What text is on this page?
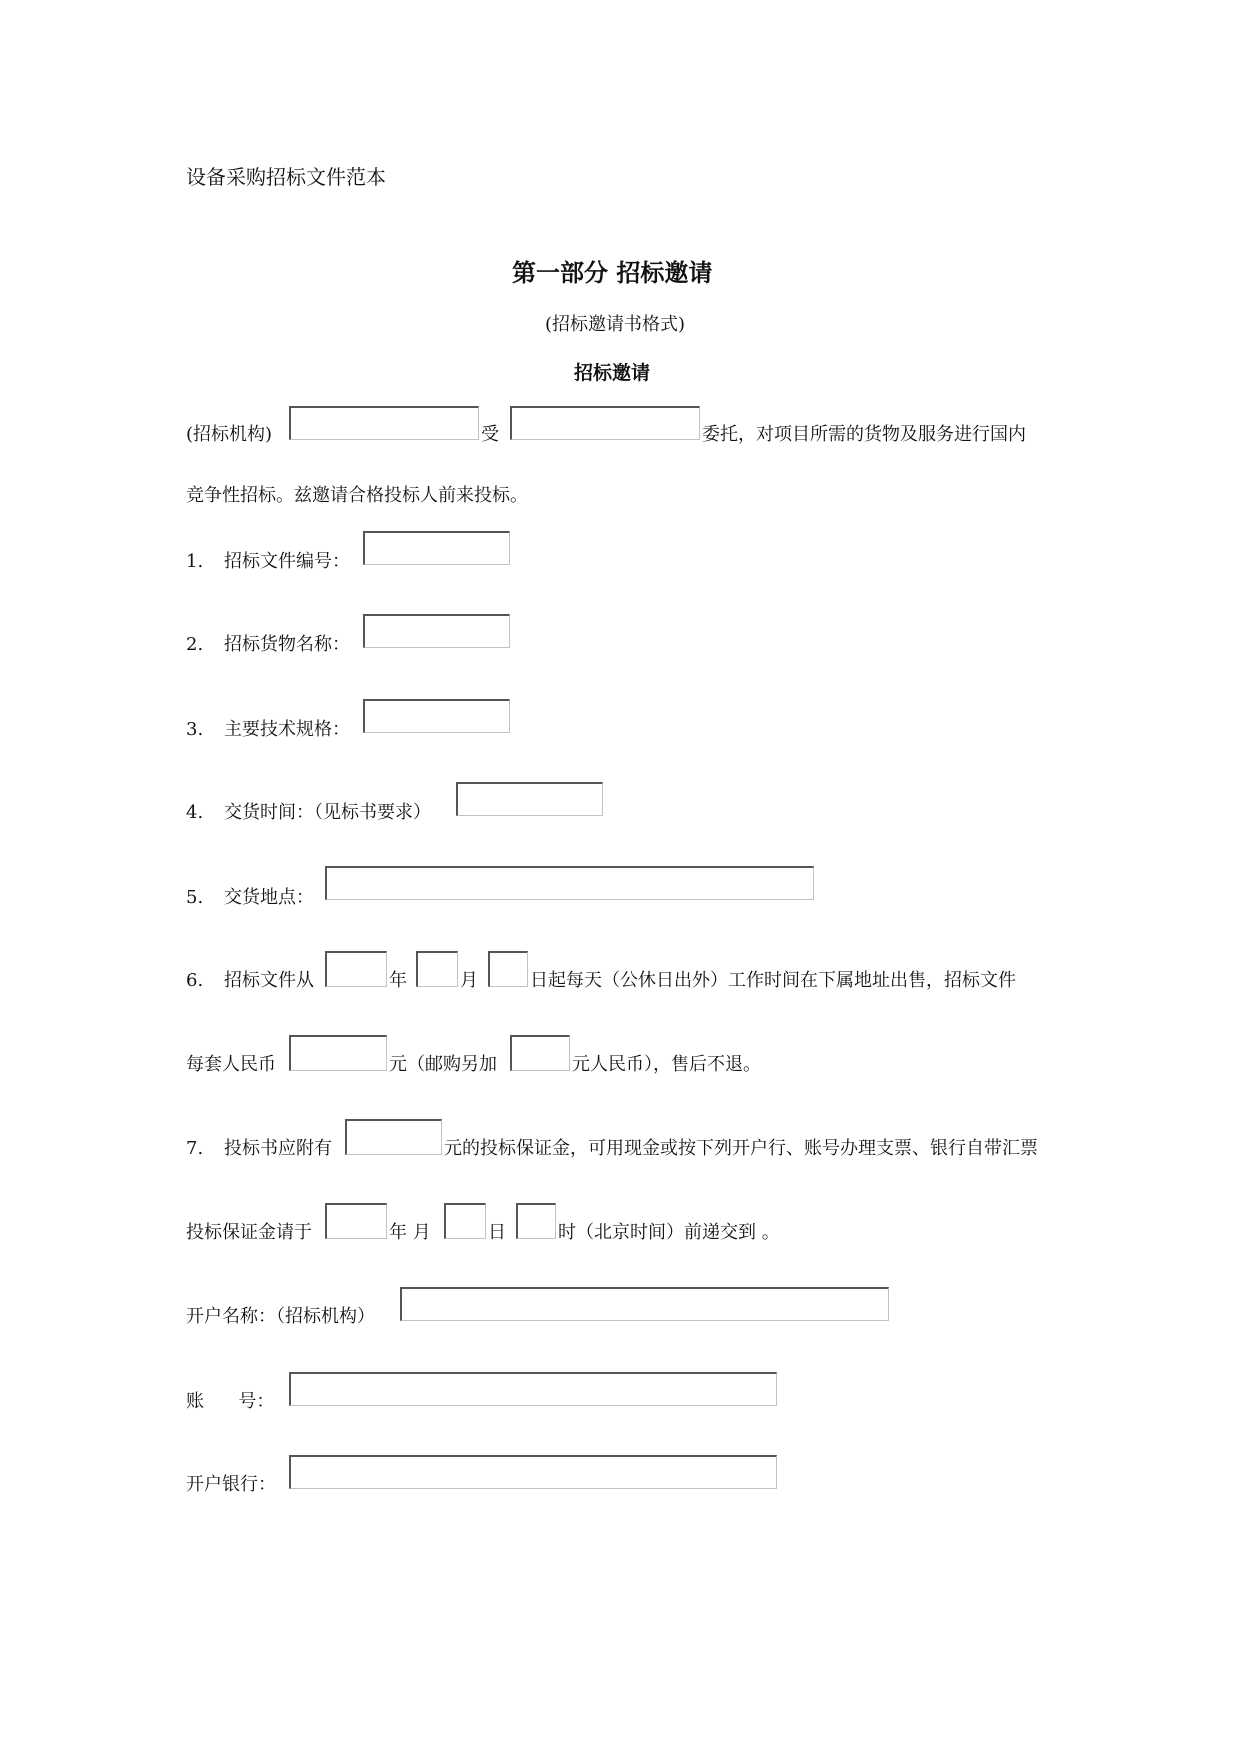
设备采购招标文件范本
第一部分 招标邀请
(招标邀请书格式)
招标邀请
(招标机构)	受	委托，对项目所需的货物及服务进行国内
竞争性招标。兹邀请合格投标人前来投标。
1. 招标文件编号：
2. 招标货物名称：
3. 主要技术规格：
4. 交货时间：（见标书要求）
5. 交货地点：
6. 招标文件从	年	月	日起每天（公休日出外）工作时间在下属地址出售，招标文件
每套人民币	元（邮购另加	元人民币），售后不退。
7. 投标书应附有	元的投标保证金，可用现金或按下列开户行、账号办理支票、银行自带汇票
投标保证金请于	年 月	日	时（北京时间）前递交到 。
开户名称：（招标机构）
账      号：
开户银行：
